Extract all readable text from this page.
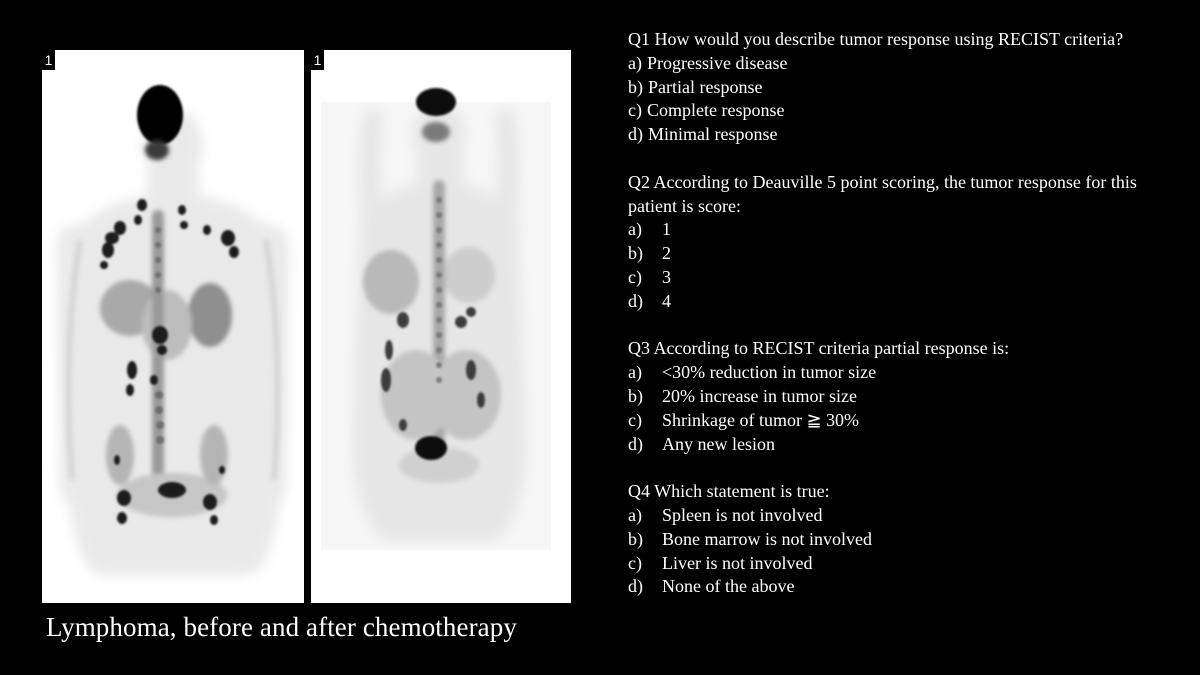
1	1
Lymphoma, before and after chemotherapy
Q1 How would you describe tumor response using RECIST criteria?
a) Progressive disease
b) Partial response
c) Complete response
d) Minimal response
Q2 According to Deauville 5 point scoring, the tumor response for this patient is score:
a) 1
b) 2
c) 3
d) 4
Q3 According to RECIST criteria partial response is:
a) <30% reduction in tumor size
b) 20% increase in tumor size
c) Shrinkage of tumor ≧ 30%
d) Any new lesion
Q4 Which statement is true:
a) Spleen is not involved
b) Bone marrow is not involved
c) Liver is not involved
d) None of the above
